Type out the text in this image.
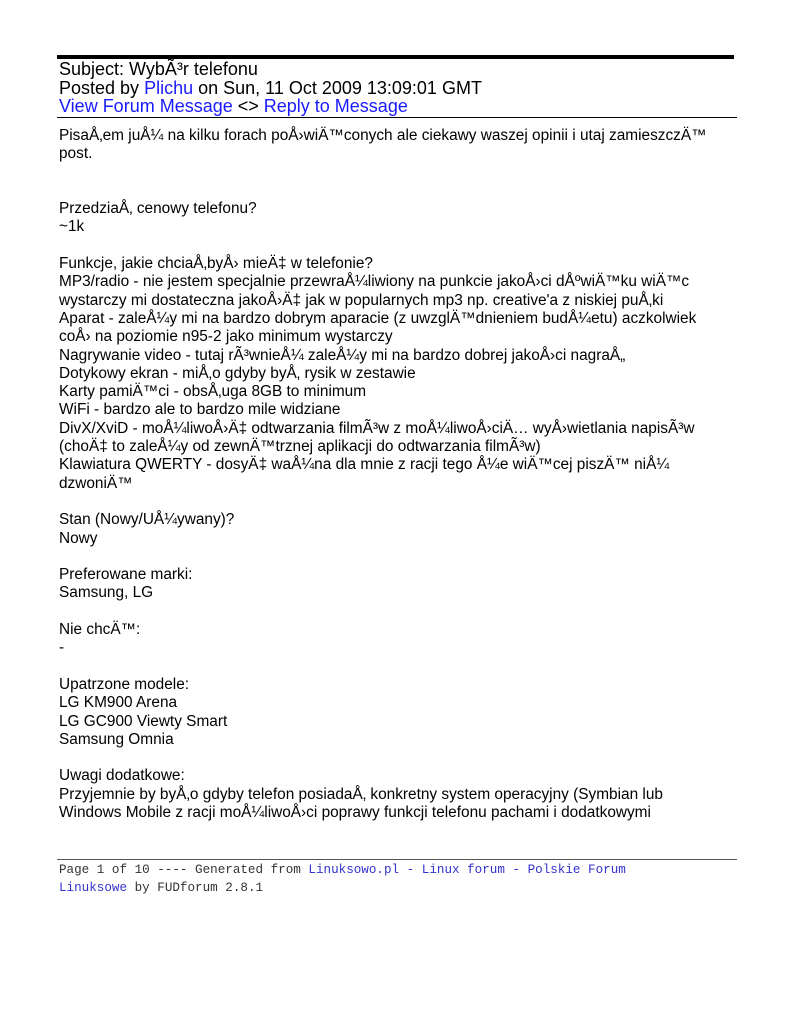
Subject: WybÃ³r telefonu
Posted by Plichu on Sun, 11 Oct 2009 13:09:01 GMT
View Forum Message <> Reply to Message
PisaÅ‚em juÅ¼ na kilku forach poÅ›wiÄ™conych ale ciekawy waszej opinii i utaj zamieszczÄ™
post.
PrzedziaÅ‚ cenowy telefonu?
~1k
Funkcje, jakie chciaÅ‚byÅ› mieÄ‡ w telefonie?
MP3/radio - nie jestem specjalnie przewraÅ¼liwiony na punkcie jakoÅ›ci dÅºwiÄ™ku wiÄ™c
wystarczy mi dostateczna jakoÅ›Ä‡ jak w popularnych mp3 np. creative'a z niskiej puÅ‚ki
Aparat - zaleÅ¼y mi na bardzo dobrym aparacie (z uwzglÄ™dnieniem budÅ¼etu) aczkolwiek
coÅ› na poziomie n95-2 jako minimum wystarczy
Nagrywanie video - tutaj rÃ³wnieÅ¼ zaleÅ¼y mi na bardzo dobrej jakoÅ›ci nagraÅ„
Dotykowy ekran - miÅ‚o gdyby byÅ‚ rysik w zestawie
Karty pamiÄ™ci - obsÅ‚uga 8GB to minimum
WiFi - bardzo ale to bardzo mile widziane
DivX/XviD - moÅ¼liwoÅ›Ä‡ odtwarzania filmÃ³w z moÅ¼liwoÅ›ciÄ… wyÅ›wietlania napisÃ³w
(choÄ‡ to zaleÅ¼y od zewnÄ™trznej aplikacji do odtwarzania filmÃ³w)
Klawiatura QWERTY - dosyÄ‡ waÅ¼na dla mnie z racji tego Å¼e wiÄ™cej piszÄ™ niÅ¼
dzwoniÄ™
Stan (Nowy/UÅ¼ywany)?
Nowy
Preferowane marki:
Samsung, LG
Nie chcÄ™:
-
Upatrzone modele:
LG KM900 Arena
LG GC900 Viewty Smart
Samsung Omnia
Uwagi dodatkowe:
Przyjemnie by byÅ‚o gdyby telefon posiadaÅ‚ konkretny system operacyjny (Symbian lub
Windows Mobile z racji moÅ¼liwoÅ›ci poprawy funkcji telefonu pachami i dodatkowymi
Page 1 of 10 ---- Generated from Linuksowo.pl - Linux forum - Polskie Forum
Linuksowe by FUDforum 2.8.1
